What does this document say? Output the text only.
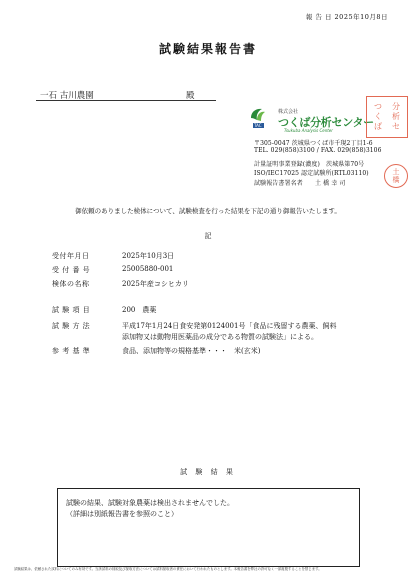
報 告 日 2025年10月8日
試験結果報告書
一石 古川農園	殿
TAC
株式会社
つくば分析センター
Tsukuba Analysis Center
つ	分
く	析
ば	セ
〒305-0047 茨城県つくば市千現2丁目1-6
TEL. 029(858)3100 / FAX. 029(858)3106
計量証明事業登録(濃度)　茨城県第70号
ISO/IEC17025 認定試験所(RTL03110)
試験報告書署名者　　土 橋 幸 司
土
橋
御依頼のありました検体について、試験検査を行った結果を下記の通り御報告いたします。
記
受付年月日	2025年10月3日
受 付 番 号	25005880-001
検体の名称	2025年産コシヒカリ
試 験 項 目	200　農薬
試 験 方 法	平成17年1月24日食安発第0124001号「食品に残留する農薬、飼料
添加物又は動物用医薬品の成分である物質の試験法」による。
参 考 基 準	食品、添加物等の規格基準・・・　米(玄米)
試 験 結 果
試験の結果、試験対象農薬は検出されませんでした。
（詳細は別紙報告書を参照のこと）
試験結果は、依頼された試料についてのみ有効です。当該試料の採取及び採取方法については試料採取者の責任において行われたものとします。本報告書を弊社の許可なく一部複製することを禁じます。
